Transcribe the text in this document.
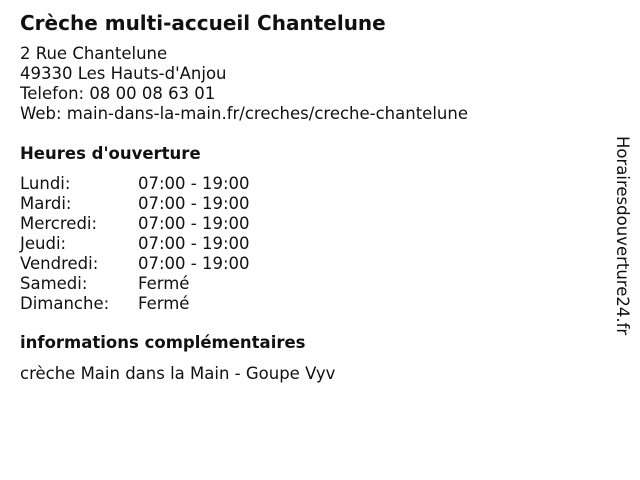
Crèche multi-accueil Chantelune
2 Rue Chantelune
49330 Les Hauts-d'Anjou
Telefon: 08 00 08 63 01
Web: main-dans-la-main.fr/creches/creche-chantelune
Heures d'ouverture
Lundi:	07:00 - 19:00
Mardi:	07:00 - 19:00
Mercredi:	07:00 - 19:00
Jeudi:	07:00 - 19:00
Vendredi:	07:00 - 19:00
Samedi:	Fermé
Dimanche:	Fermé
informations complémentaires
crèche Main dans la Main - Goupe Vyv
Horairesdouverture24.fr
